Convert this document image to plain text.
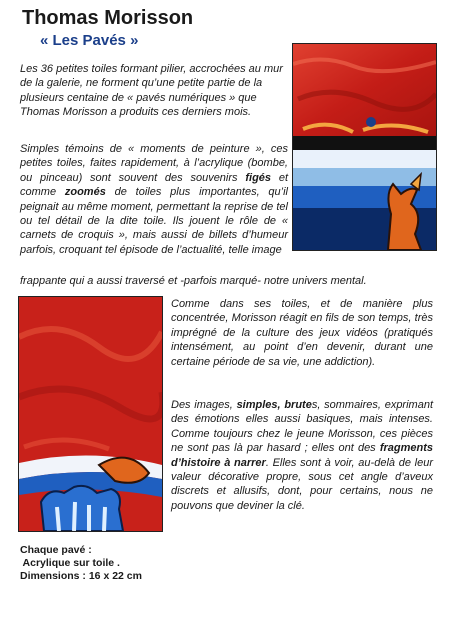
Thomas Morisson
« Les Pavés »
Les 36 petites toiles formant pilier, accrochées au mur de la galerie, ne forment qu’une petite partie de la plusieurs centaine de « pavés numériques » que Thomas Morisson a produits ces derniers mois.
Simples témoins de « moments de peinture », ces petites toiles, faites rapidement, à l’acrylique (bombe, ou pinceau) sont souvent des souvenirs figés et comme zoomés de toiles plus importantes, qu’il peignait au même moment, permettant la reprise de tel ou tel détail de la dite toile. Ils jouent le rôle de « carnets de croquis », mais aussi de billets d’humeur parfois, croquant tel épisode de l’actualité, telle image
frappante qui a aussi traversé et -parfois marqué- notre univers mental.
Comme dans ses toiles, et de manière plus concentrée, Morisson réagit en fils de son temps, très imprégné de la culture des jeux vidéos (pratiqués intensément, au point d’en devenir, durant une certaine période de sa vie, une addiction).
Des images, simples, brutes, sommaires, exprimant des émotions elles aussi basiques, mais intenses. Comme toujours chez le jeune Morisson, ces pièces ne sont pas là par hasard ; elles ont des fragments d’histoire à narrer. Elles sont à voir, au-delà de leur valeur décorative propre, sous cet angle d’aveux discrets et allusifs, dont, pour certains, nous ne pouvons que deviner la clé.
Chaque pavé :
Acrylique sur toile .
Dimensions : 16 x 22 cm
